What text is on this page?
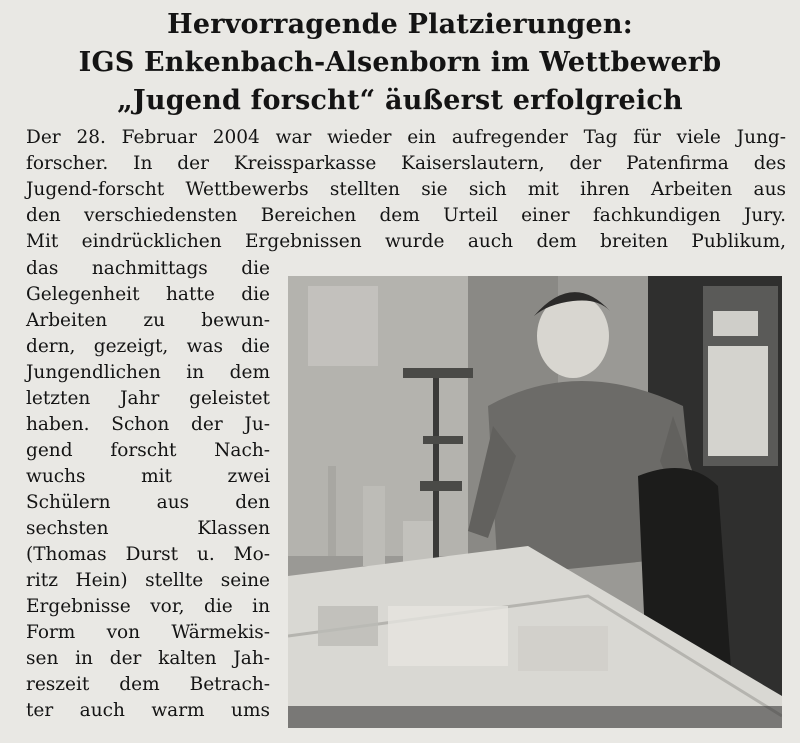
Hervorragende Platzierungen:
IGS Enkenbach-Alsenborn im Wettbewerb
„Jugend forscht“ äußerst erfolgreich
Der 28. Februar 2004 war wieder ein aufregender Tag für viele Jung-
forscher. In der Kreissparkasse Kaiserslautern, der Patenfirma des
Jugend-forscht Wettbewerbs stellten sie sich mit ihren Arbeiten aus
den verschiedensten Bereichen dem Urteil einer fachkundigen Jury.
Mit eindrücklichen Ergebnissen wurde auch dem breiten Publikum,
das nachmittags die
Gelegenheit hatte die
Arbeiten zu bewun-
dern, gezeigt, was die
Jungendlichen in dem
letzten Jahr geleistet
haben. Schon der Ju-
gend forscht Nach-
wuchs mit zwei
Schülern aus den
sechsten Klassen
(Thomas Durst u. Mo-
ritz Hein) stellte seine
Ergebnisse vor, die in
Form von Wärmekis-
sen in der kalten Jah-
reszeit dem Betrach-
ter auch warm ums
